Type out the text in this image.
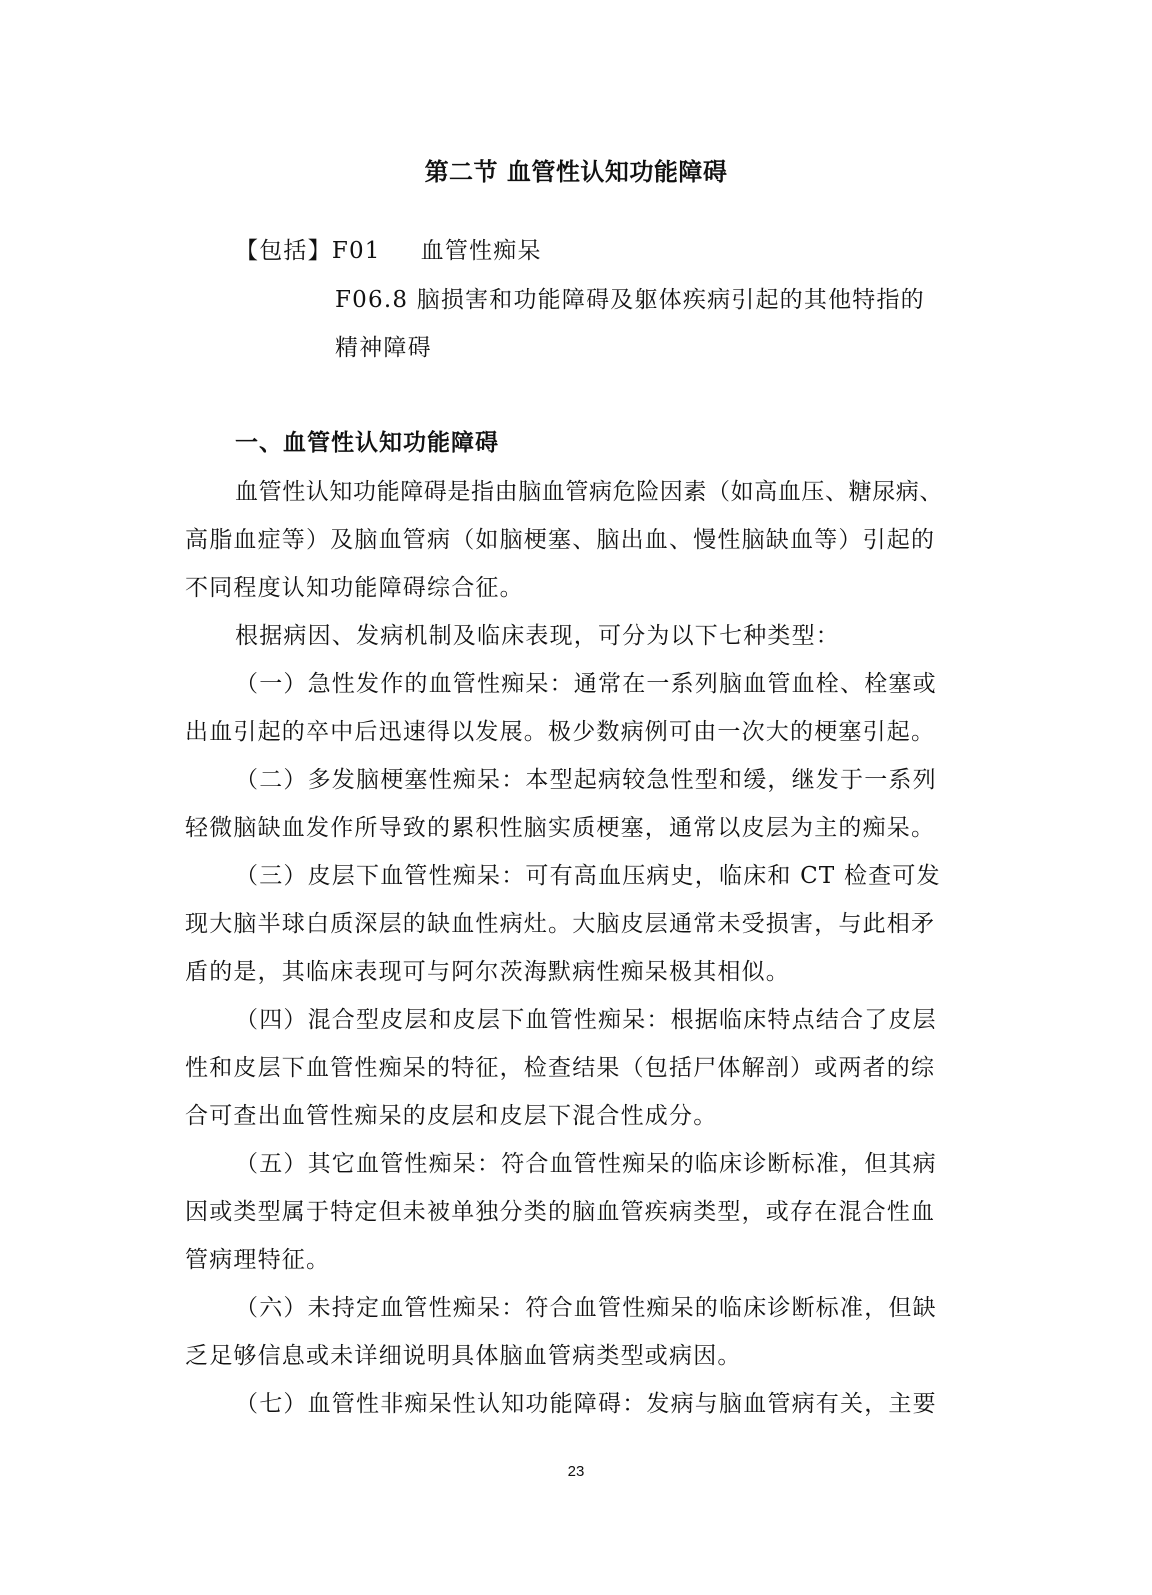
第二节 血管性认知功能障碍
【包括】F01 血管性痴呆
F06.8 脑损害和功能障碍及躯体疾病引起的其他特指的
精神障碍
一、血管性认知功能障碍
血管性认知功能障碍是指由脑血管病危险因素（如高血压、糖尿病、
高脂血症等）及脑血管病（如脑梗塞、脑出血、慢性脑缺血等）引起的
不同程度认知功能障碍综合征。
根据病因、发病机制及临床表现，可分为以下七种类型：
（一）急性发作的血管性痴呆：通常在一系列脑血管血栓、栓塞或
出血引起的卒中后迅速得以发展。极少数病例可由一次大的梗塞引起。
（二）多发脑梗塞性痴呆：本型起病较急性型和缓，继发于一系列
轻微脑缺血发作所导致的累积性脑实质梗塞，通常以皮层为主的痴呆。
（三）皮层下血管性痴呆：可有高血压病史，临床和 CT 检查可发
现大脑半球白质深层的缺血性病灶。大脑皮层通常未受损害，与此相矛
盾的是，其临床表现可与阿尔茨海默病性痴呆极其相似。
（四）混合型皮层和皮层下血管性痴呆：根据临床特点结合了皮层
性和皮层下血管性痴呆的特征，检查结果（包括尸体解剖）或两者的综
合可查出血管性痴呆的皮层和皮层下混合性成分。
（五）其它血管性痴呆：符合血管性痴呆的临床诊断标准，但其病
因或类型属于特定但未被单独分类的脑血管疾病类型，或存在混合性血
管病理特征。
（六）未持定血管性痴呆：符合血管性痴呆的临床诊断标准，但缺
乏足够信息或未详细说明具体脑血管病类型或病因。
（七）血管性非痴呆性认知功能障碍：发病与脑血管病有关，主要
23
